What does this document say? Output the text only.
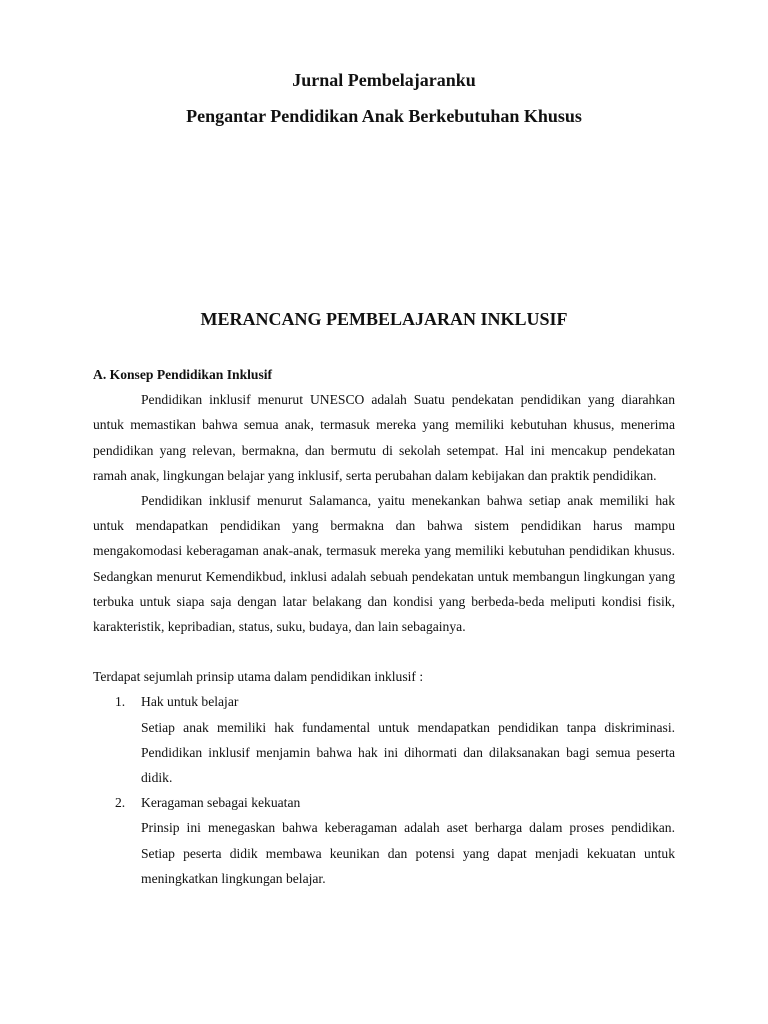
Jurnal Pembelajaranku
Pengantar Pendidikan Anak Berkebutuhan Khusus
MERANCANG PEMBELAJARAN INKLUSIF

A. Konsep Pendidikan Inklusif

Pendidikan inklusif menurut UNESCO adalah Suatu pendekatan pendidikan yang diarahkan untuk memastikan bahwa semua anak, termasuk mereka yang memiliki kebutuhan khusus, menerima pendidikan yang relevan, bermakna, dan bermutu di sekolah setempat. Hal ini mencakup pendekatan ramah anak, lingkungan belajar yang inklusif, serta perubahan dalam kebijakan dan praktik pendidikan.

Pendidikan inklusif menurut Salamanca, yaitu menekankan bahwa setiap anak memiliki hak untuk mendapatkan pendidikan yang bermakna dan bahwa sistem pendidikan harus mampu mengakomodasi keberagaman anak-anak, termasuk mereka yang memiliki kebutuhan pendidikan khusus. Sedangkan menurut Kemendikbud, inklusi adalah sebuah pendekatan untuk membangun lingkungan yang terbuka untuk siapa saja dengan latar belakang dan kondisi yang berbeda-beda meliputi kondisi fisik, karakteristik, kepribadian, status, suku, budaya, dan lain sebagainya.

Terdapat sejumlah prinsip utama dalam pendidikan inklusif :

1. Hak untuk belajar

Setiap anak memiliki hak fundamental untuk mendapatkan pendidikan tanpa diskriminasi. Pendidikan inklusif menjamin bahwa hak ini dihormati dan dilaksanakan bagi semua peserta didik.

2. Keragaman sebagai kekuatan

Prinsip ini menegaskan bahwa keberagaman adalah aset berharga dalam proses pendidikan. Setiap peserta didik membawa keunikan dan potensi yang dapat menjadi kekuatan untuk meningkatkan lingkungan belajar.
